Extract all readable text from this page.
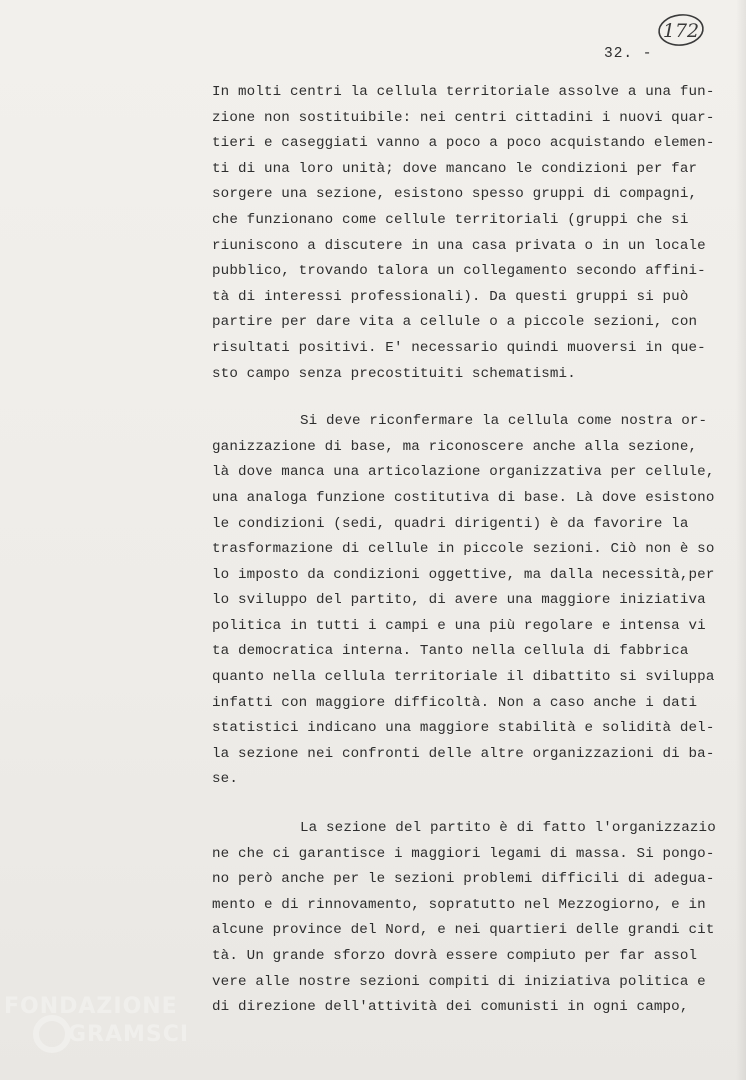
172
32. -
In molti centri la cellula territoriale assolve a una fun-
zione non sostituibile: nei centri cittadini i nuovi quar-
tieri e caseggiati vanno a poco a poco acquistando elemen-
ti di una loro unità; dove mancano le condizioni per far
sorgere una sezione, esistono spesso gruppi di compagni,
che funzionano come cellule territoriali (gruppi che si
riuniscono a discutere in una casa privata o in un locale
pubblico, trovando talora un collegamento secondo affini-
tà di interessi professionali). Da questi gruppi si può
partire per dare vita a cellule o a piccole sezioni, con
risultati positivi. E' necessario quindi muoversi in que-
sto campo senza precostituiti schematismi.
Si deve riconfermare la cellula come nostra or-
ganizzazione di base, ma riconoscere anche alla sezione,
là dove manca una articolazione organizzativa per cellule,
una analoga funzione costitutiva di base. Là dove esistono
le condizioni (sedi, quadri dirigenti) è da favorire la
trasformazione di cellule in piccole sezioni. Ciò non è so
lo imposto da condizioni oggettive, ma dalla necessità,per
lo sviluppo del partito, di avere una maggiore iniziativa
politica in tutti i campi e una più regolare e intensa vi
ta democratica interna. Tanto nella cellula di fabbrica
quanto nella cellula territoriale il dibattito si sviluppa
infatti con maggiore difficoltà. Non a caso anche i dati
statistici indicano una maggiore stabilità e solidità del-
la sezione nei confronti delle altre organizzazioni di ba-
se.
La sezione del partito è di fatto l'organizzazio
ne che ci garantisce i maggiori legami di massa. Si pongo-
no però anche per le sezioni problemi difficili di adegua-
mento e di rinnovamento, sopratutto nel Mezzogiorno, e in
alcune province del Nord, e nei quartieri delle grandi cit
tà. Un grande sforzo dovrà essere compiuto per far assol
vere alle nostre sezioni compiti di iniziativa politica e
di direzione dell'attività dei comunisti in ogni campo,
FONDAZIONE
GRAMSCI
